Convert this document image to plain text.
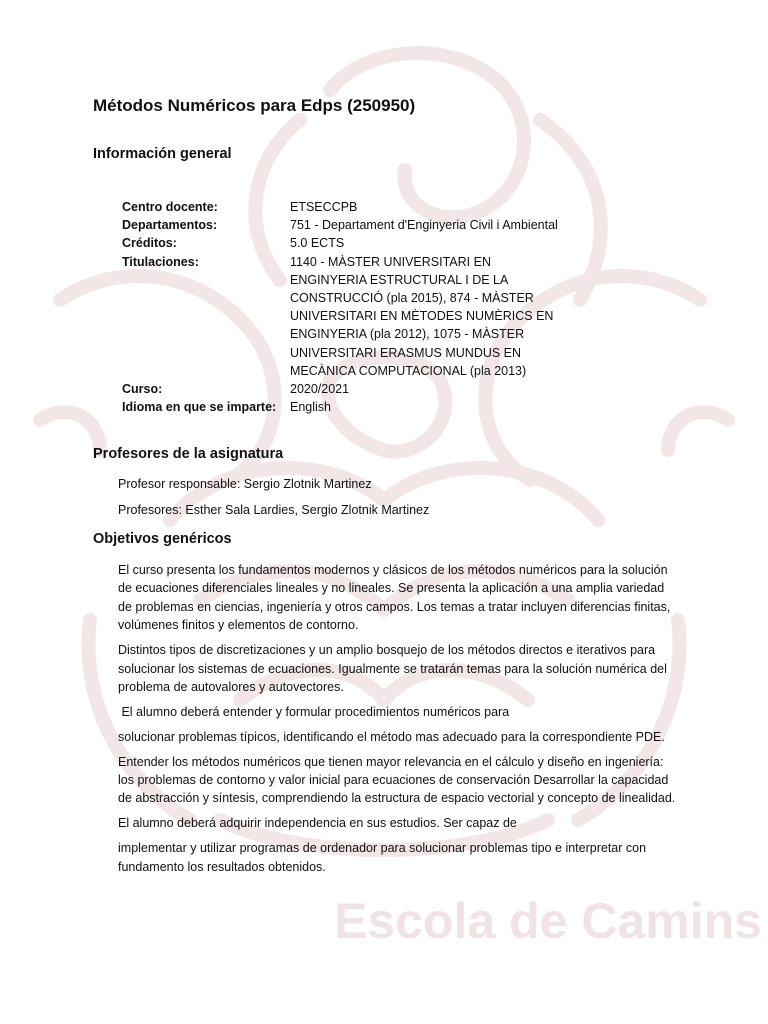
Escola de Camins
Métodos Numéricos para Edps (250950)
Información general
Centro docente:	ETSECCPB
Departamentos:	751 - Departament d'Enginyeria Civil i Ambiental
Créditos:	5.0 ECTS
Titulaciones:	1140 - MÀSTER UNIVERSITARI EN ENGINYERIA ESTRUCTURAL I DE LA CONSTRUCCIÓ (pla 2015), 874 - MÀSTER UNIVERSITARI EN MÈTODES NUMÈRICS EN ENGINYERIA (pla 2012), 1075 - MÀSTER UNIVERSITARI ERASMUS MUNDUS EN MECÀNICA COMPUTACIONAL (pla 2013)
Curso:	2020/2021
Idioma en que se imparte:	English
Profesores de la asignatura

Profesor responsable: Sergio Zlotnik Martinez

Profesores: Esther Sala Lardies, Sergio Zlotnik Martinez

Objetivos genéricos

El curso presenta los fundamentos modernos y clásicos de los métodos numéricos para la solución de ecuaciones diferenciales lineales y no lineales. Se presenta la aplicación a una amplia variedad de problemas en ciencias, ingeniería y otros campos. Los temas a tratar incluyen diferencias finitas, volúmenes finitos y elementos de contorno.

Distintos tipos de discretizaciones y un amplio bosquejo de los métodos directos e iterativos para solucionar los sistemas de ecuaciones. Igualmente se tratarán temas para la solución numérica del problema de autovalores y autovectores.

El alumno deberá entender y formular procedimientos numéricos para

solucionar problemas típicos, identificando el método mas adecuado para la correspondiente PDE.

Entender los métodos numéricos que tienen mayor relevancia en el cálculo y diseño en ingeniería: los problemas de contorno y valor inicial para ecuaciones de conservación Desarrollar la capacidad de abstracción y síntesis, comprendiendo la estructura de espacio vectorial y concepto de linealidad.

El alumno deberá adquirir independencia en sus estudios. Ser capaz de

implementar y utilizar programas de ordenador para solucionar problemas tipo e interpretar con fundamento los resultados obtenidos.
